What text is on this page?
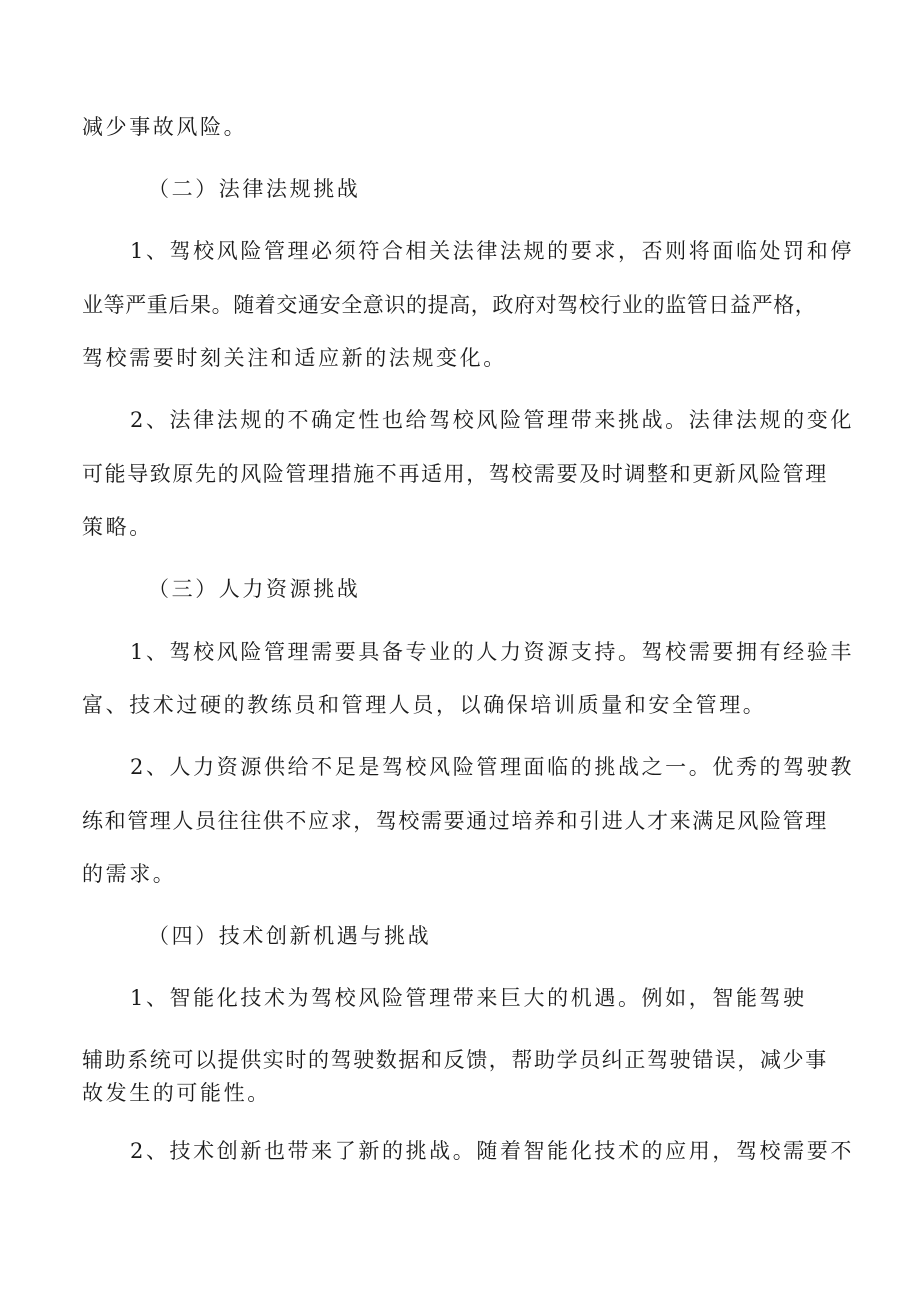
减少事故风险。
（二）法律法规挑战
1、驾校风险管理必须符合相关法律法规的要求，否则将面临处罚和停
业等严重后果。随着交通安全意识的提高，政府对驾校行业的监管日益严格，
驾校需要时刻关注和适应新的法规变化。
2、法律法规的不确定性也给驾校风险管理带来挑战。法律法规的变化
可能导致原先的风险管理措施不再适用，驾校需要及时调整和更新风险管理
策略。
（三）人力资源挑战
1、驾校风险管理需要具备专业的人力资源支持。驾校需要拥有经验丰
富、技术过硬的教练员和管理人员，以确保培训质量和安全管理。
2、人力资源供给不足是驾校风险管理面临的挑战之一。优秀的驾驶教
练和管理人员往往供不应求，驾校需要通过培养和引进人才来满足风险管理
的需求。
（四）技术创新机遇与挑战
1、智能化技术为驾校风险管理带来巨大的机遇。例如，智能驾驶
辅助系统可以提供实时的驾驶数据和反馈，帮助学员纠正驾驶错误，减少事
故发生的可能性。
2、技术创新也带来了新的挑战。随着智能化技术的应用，驾校需要不
